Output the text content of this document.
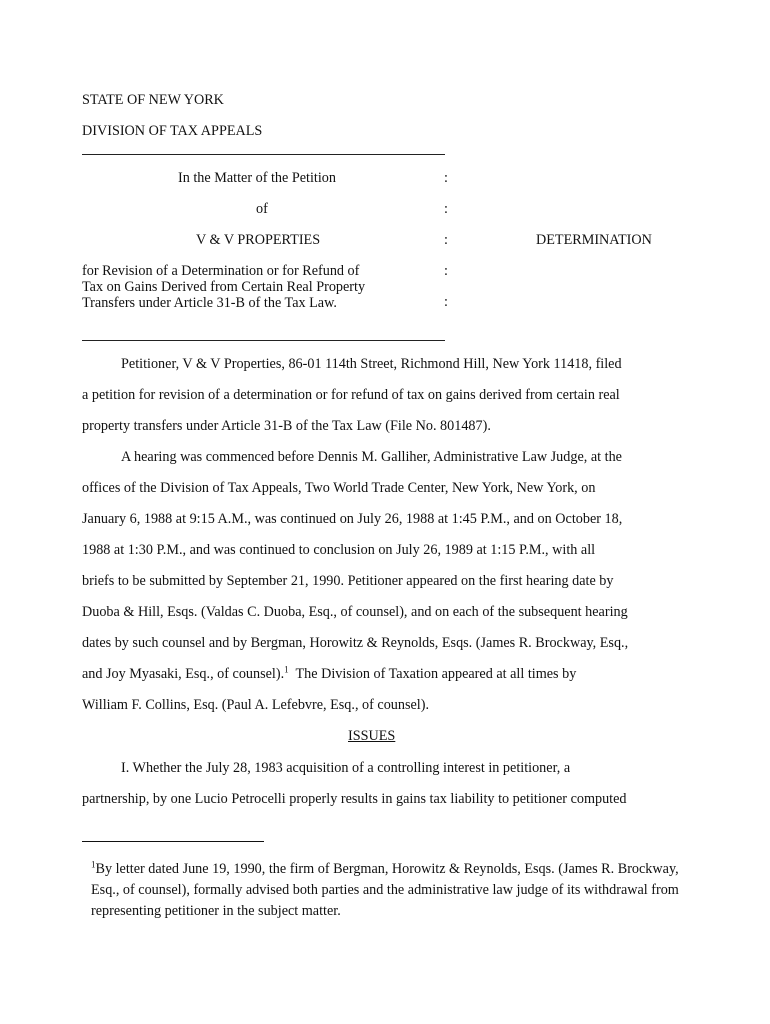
STATE OF NEW YORK
DIVISION OF TAX APPEALS
In the Matter of the Petition
of
V & V PROPERTIES
for Revision of a Determination or for Refund of Tax on Gains Derived from Certain Real Property Transfers under Article 31-B of the Tax Law.
:
:
:
:
:
DETERMINATION
Petitioner, V & V Properties, 86-01 114th Street, Richmond Hill, New York 11418, filed
a petition for revision of a determination or for refund of tax on gains derived from certain real
property transfers under Article 31-B of the Tax Law (File No. 801487).
A hearing was commenced before Dennis M. Galliher, Administrative Law Judge, at the
offices of the Division of Tax Appeals, Two World Trade Center, New York, New York, on
January 6, 1988 at 9:15 A.M., was continued on July 26, 1988 at 1:45 P.M., and on October 18,
1988 at 1:30 P.M., and was continued to conclusion on July 26, 1989 at 1:15 P.M., with all
briefs to be submitted by September 21, 1990. Petitioner appeared on the first hearing date by
Duoba & Hill, Esqs. (Valdas C. Duoba, Esq., of counsel), and on each of the subsequent hearing
dates by such counsel and by Bergman, Horowitz & Reynolds, Esqs. (James R. Brockway, Esq.,
and Joy Myasaki, Esq., of counsel).$^1$  The Division of Taxation appeared at all times by
William F. Collins, Esq. (Paul A. Lefebvre, Esq., of counsel).
ISSUES
I. Whether the July 28, 1983 acquisition of a controlling interest in petitioner, a
partnership, by one Lucio Petrocelli properly results in gains tax liability to petitioner computed
$^1$By letter dated June 19, 1990, the firm of Bergman, Horowitz & Reynolds, Esqs. (James R. Brockway, Esq., of counsel), formally advised both parties and the administrative law judge of its withdrawal from representing petitioner in the subject matter.
